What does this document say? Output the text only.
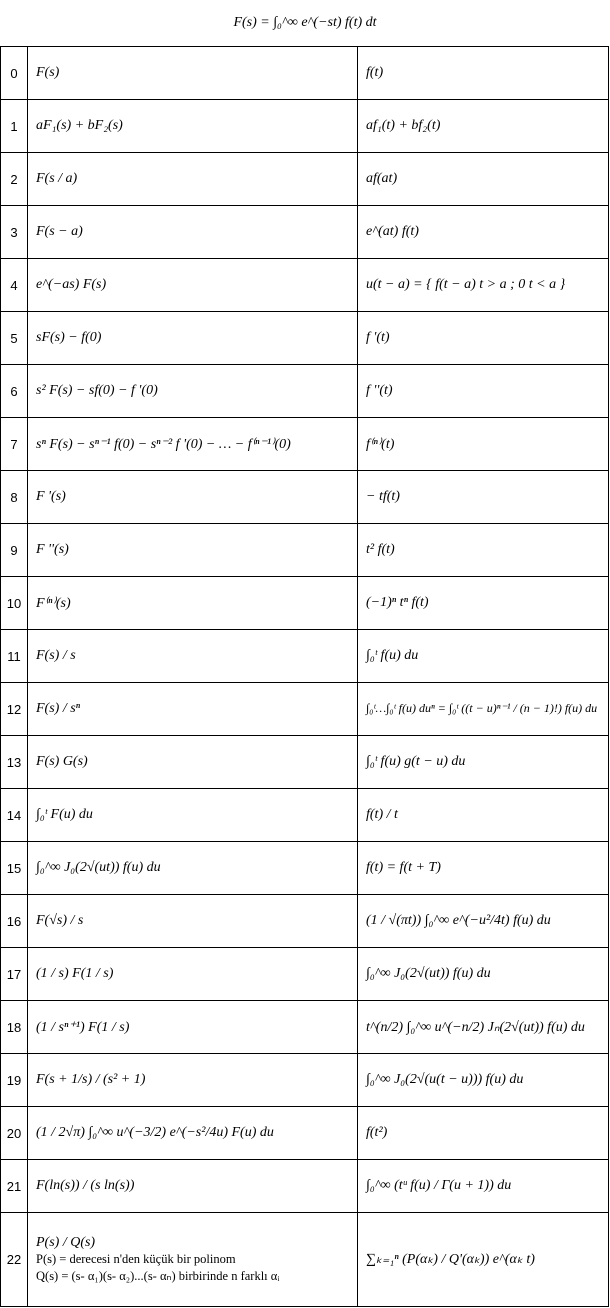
F(s) = ∫₀^∞ e^(−st) f(t) dt
0	F(s)	f(t)
1	aF₁(s) + bF₂(s)	af₁(t) + bf₂(t)
2	F(s / a)	af(at)
3	F(s − a)	e^(at) f(t)
4	e^(−as) F(s)	u(t − a) = { f(t − a) t > a ; 0 t < a }
5	sF(s) − f(0)	f '(t)
6	s² F(s) − sf(0) − f '(0)	f ''(t)
7	sⁿ F(s) − sⁿ⁻¹ f(0) − sⁿ⁻² f '(0) − … − f⁽ⁿ⁻¹⁾(0)	f⁽ⁿ⁾(t)
8	F '(s)	− tf(t)
9	F ''(s)	t² f(t)
10	F⁽ⁿ⁾(s)	(−1)ⁿ tⁿ f(t)
11	F(s) / s	∫₀ᵗ f(u) du
12	F(s) / sⁿ	∫₀ᵗ…∫₀ᵗ f(u) duⁿ = ∫₀ᵗ ((t − u)ⁿ⁻¹ / (n − 1)!) f(u) du
13	F(s) G(s)	∫₀ᵗ f(u) g(t − u) du
14	∫₀ᵗ F(u) du	f(t) / t
15	∫₀^∞ J₀(2√(ut)) f(u) du	f(t) = f(t + T)
16	F(√s) / s	(1 / √(πt)) ∫₀^∞ e^(−u²/4t) f(u) du
17	(1 / s) F(1 / s)	∫₀^∞ J₀(2√(ut)) f(u) du
18	(1 / sⁿ⁺¹) F(1 / s)	t^(n/2) ∫₀^∞ u^(−n/2) Jₙ(2√(ut)) f(u) du
19	F(s + 1/s) / (s² + 1)	∫₀^∞ J₀(2√(u(t − u))) f(u) du
20	(1 / 2√π) ∫₀^∞ u^(−3/2) e^(−s²/4u) F(u) du	f(t²)
21	F(ln(s)) / (s ln(s))	∫₀^∞ (tᵘ f(u) / Γ(u + 1)) du
22	P(s) / Q(s)
P(s) = derecesi n'den küçük bir polinom
Q(s) = (s- α₁)(s- α₂)...(s- αₙ) birbirinde n farklı αᵢ	∑ₖ₌₁ⁿ (P(αₖ) / Q'(αₖ)) e^(αₖ t)
